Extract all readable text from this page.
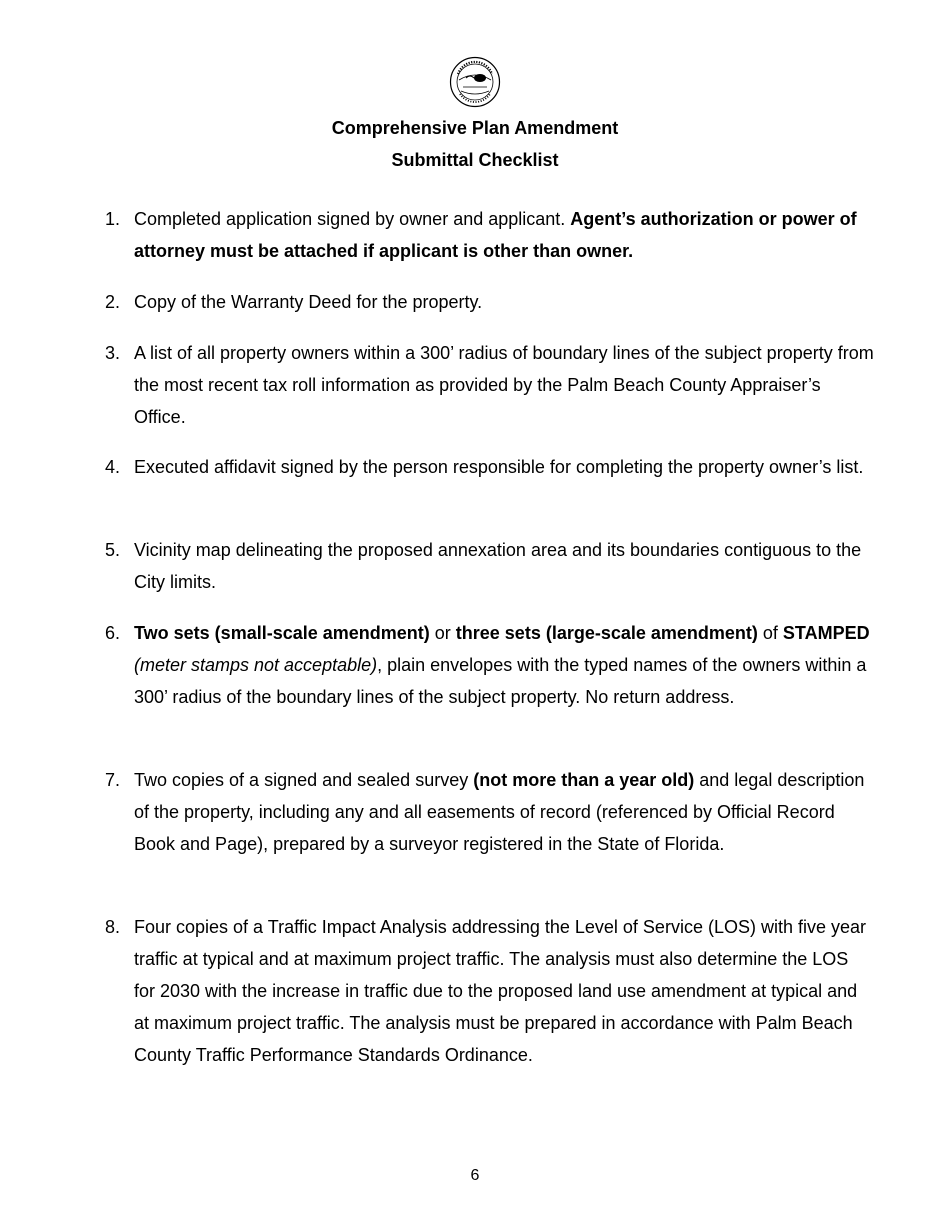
Comprehensive Plan Amendment
Submittal Checklist
1. Completed application signed by owner and applicant. Agent’s authorization or power of attorney must be attached if applicant is other than owner.
2. Copy of the Warranty Deed for the property.
3. A list of all property owners within a 300’ radius of boundary lines of the subject property from the most recent tax roll information as provided by the Palm Beach County Appraiser’s Office.
4. Executed affidavit signed by the person responsible for completing the property owner’s list.
5. Vicinity map delineating the proposed annexation area and its boundaries contiguous to the City limits.
6. Two sets (small-scale amendment) or three sets (large-scale amendment) of STAMPED (meter stamps not acceptable), plain envelopes with the typed names of the owners within a 300’ radius of the boundary lines of the subject property. No return address.
7. Two copies of a signed and sealed survey (not more than a year old) and legal description of the property, including any and all easements of record (referenced by Official Record Book and Page), prepared by a surveyor registered in the State of Florida.
8. Four copies of a Traffic Impact Analysis addressing the Level of Service (LOS) with five year traffic at typical and at maximum project traffic. The analysis must also determine the LOS for 2030 with the increase in traffic due to the proposed land use amendment at typical and at maximum project traffic. The analysis must be prepared in accordance with Palm Beach County Traffic Performance Standards Ordinance.
6
